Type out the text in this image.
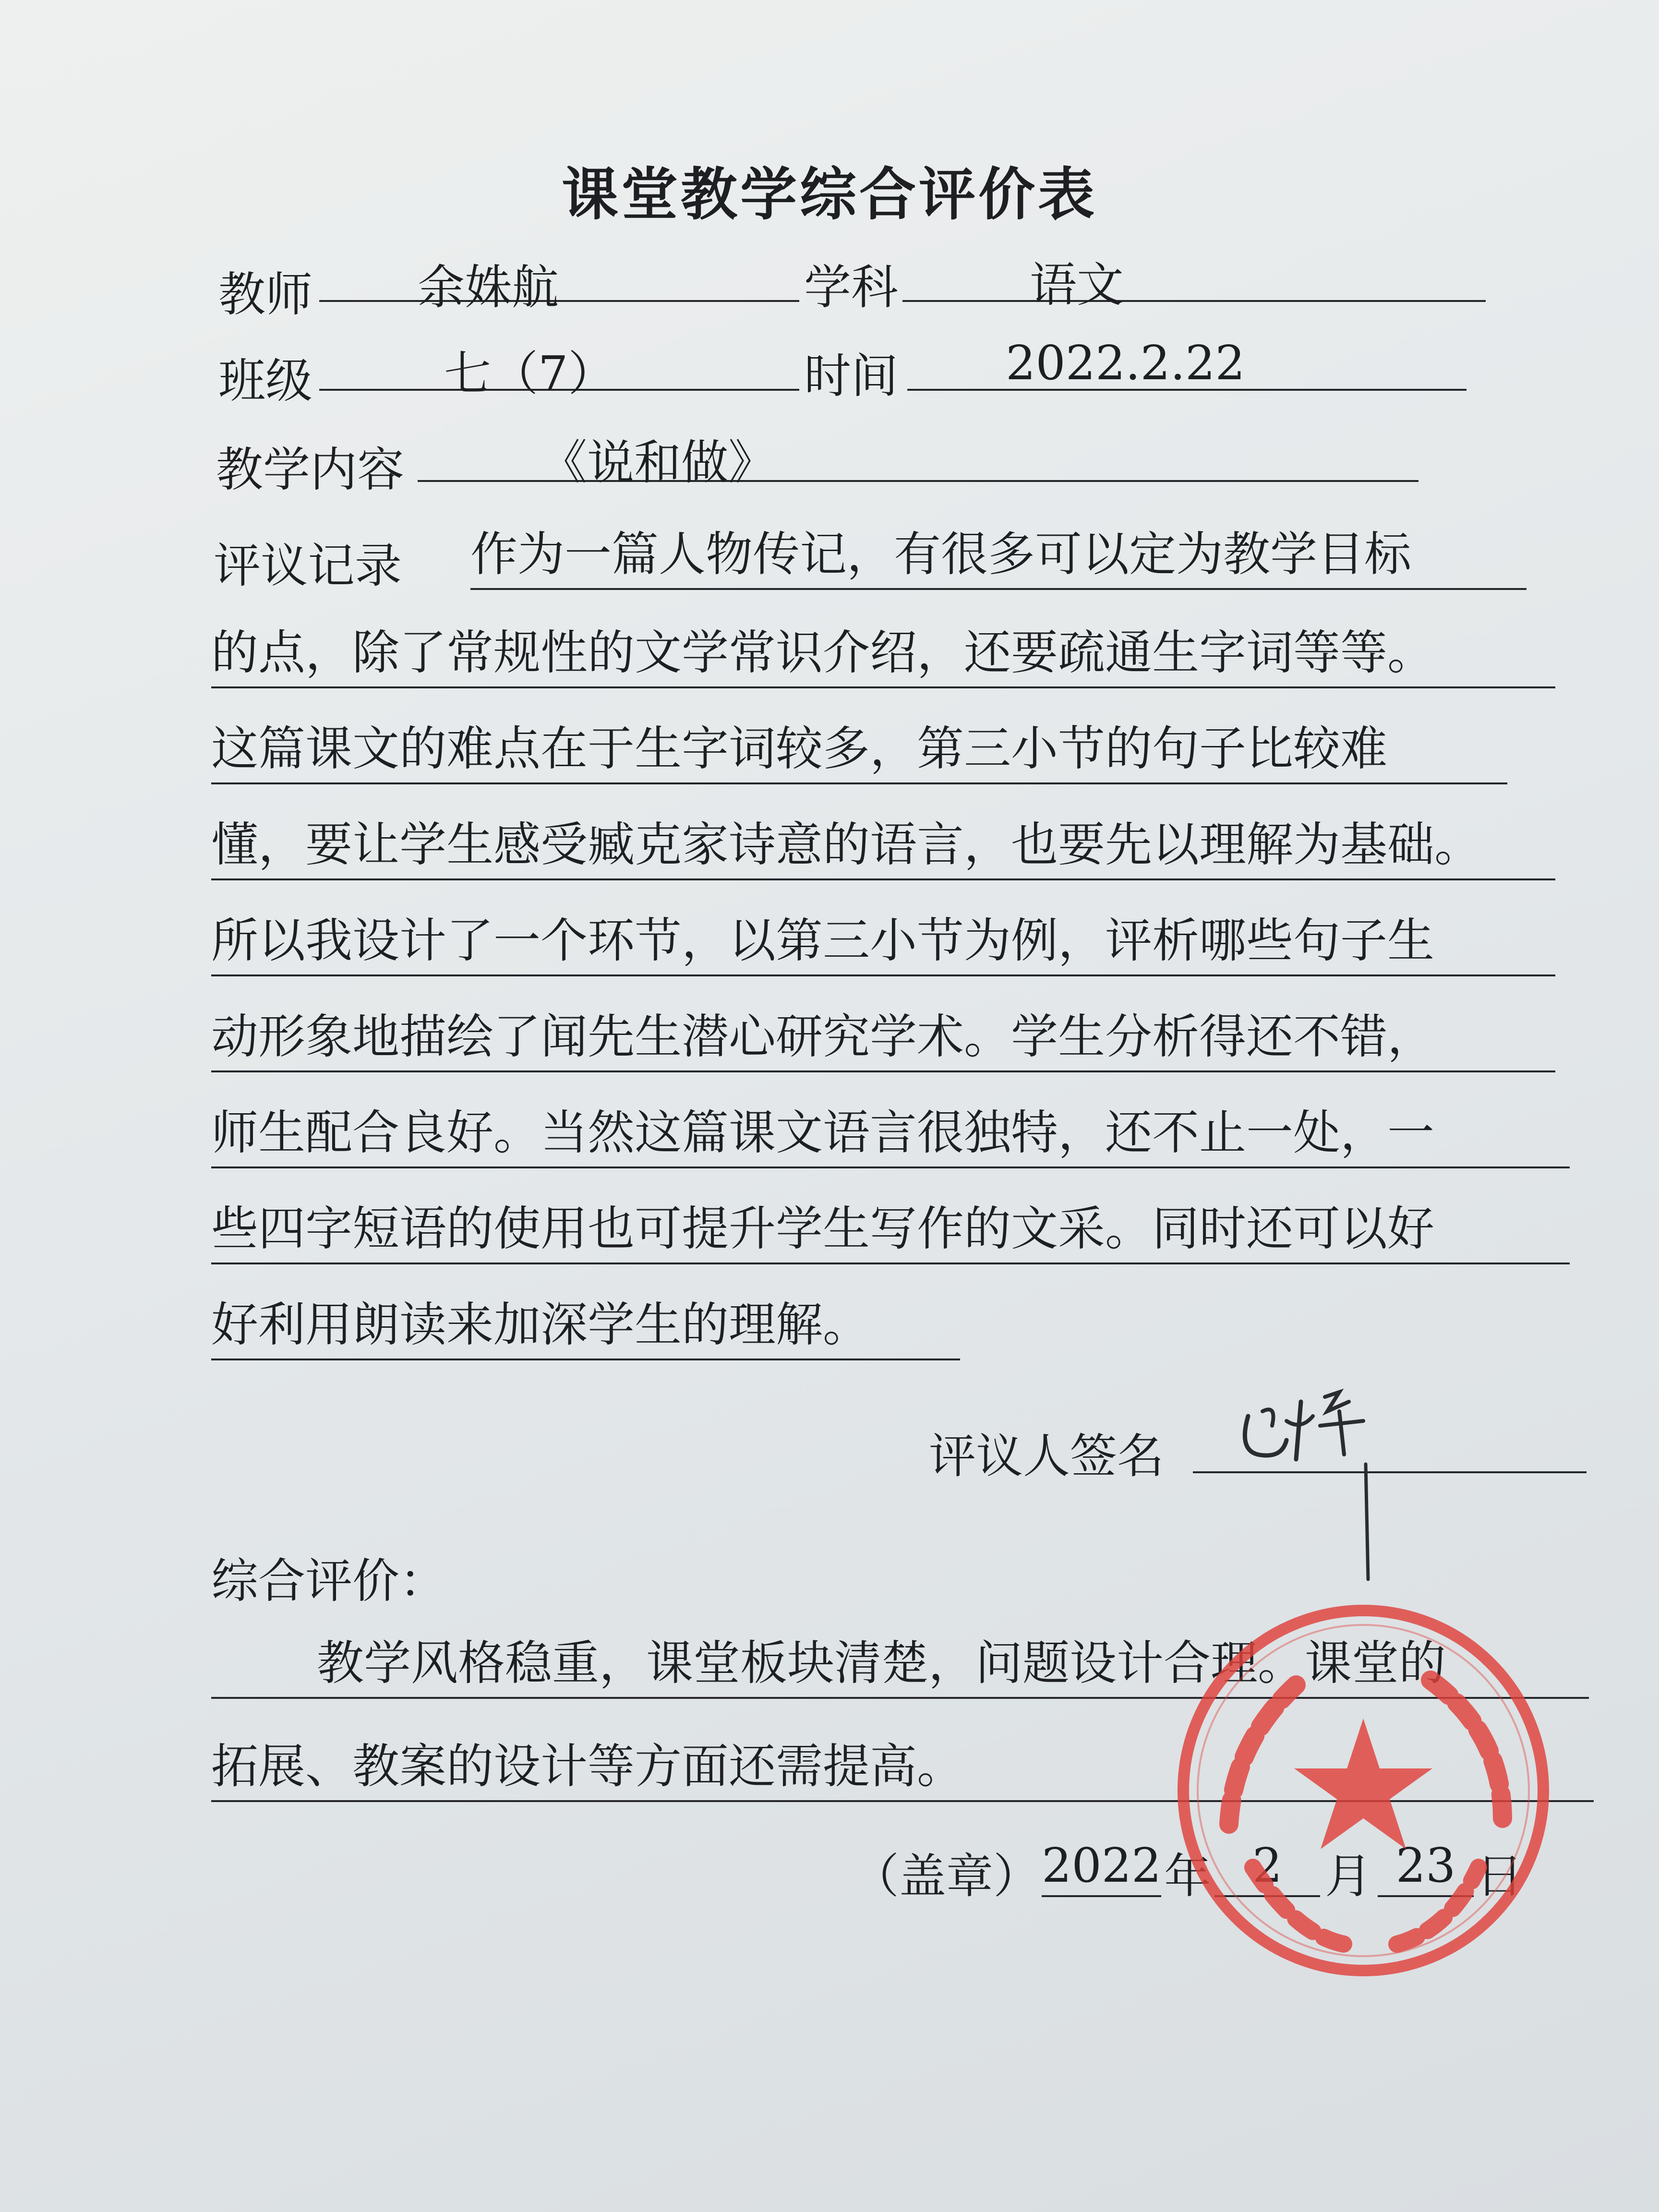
课堂教学综合评价表
教师 余姝航	学科	语文
班级	七（7）	时间 2022.2.22
教学内容	《说和做》
评议记录 作为一篇人物传记，有很多可以定为教学目标
的点，除了常规性的文学常识介绍，还要疏通生字词等等。
这篇课文的难点在于生字词较多，第三小节的句子比较难
懂，要让学生感受臧克家诗意的语言，也要先以理解为基础。
所以我设计了一个环节，以第三小节为例，评析哪些句子生
动形象地描绘了闻先生潜心研究学术。学生分析得还不错，
师生配合良好。当然这篇课文语言很独特，还不止一处，一
些四字短语的使用也可提升学生写作的文采。同时还可以好
好利用朗读来加深学生的理解。
评议人签名
综合评价：
教学风格稳重，课堂板块清楚，问题设计合理。课堂的
拓展、教案的设计等方面还需提高。
（盖章） 2022 年 2 月 23 日
